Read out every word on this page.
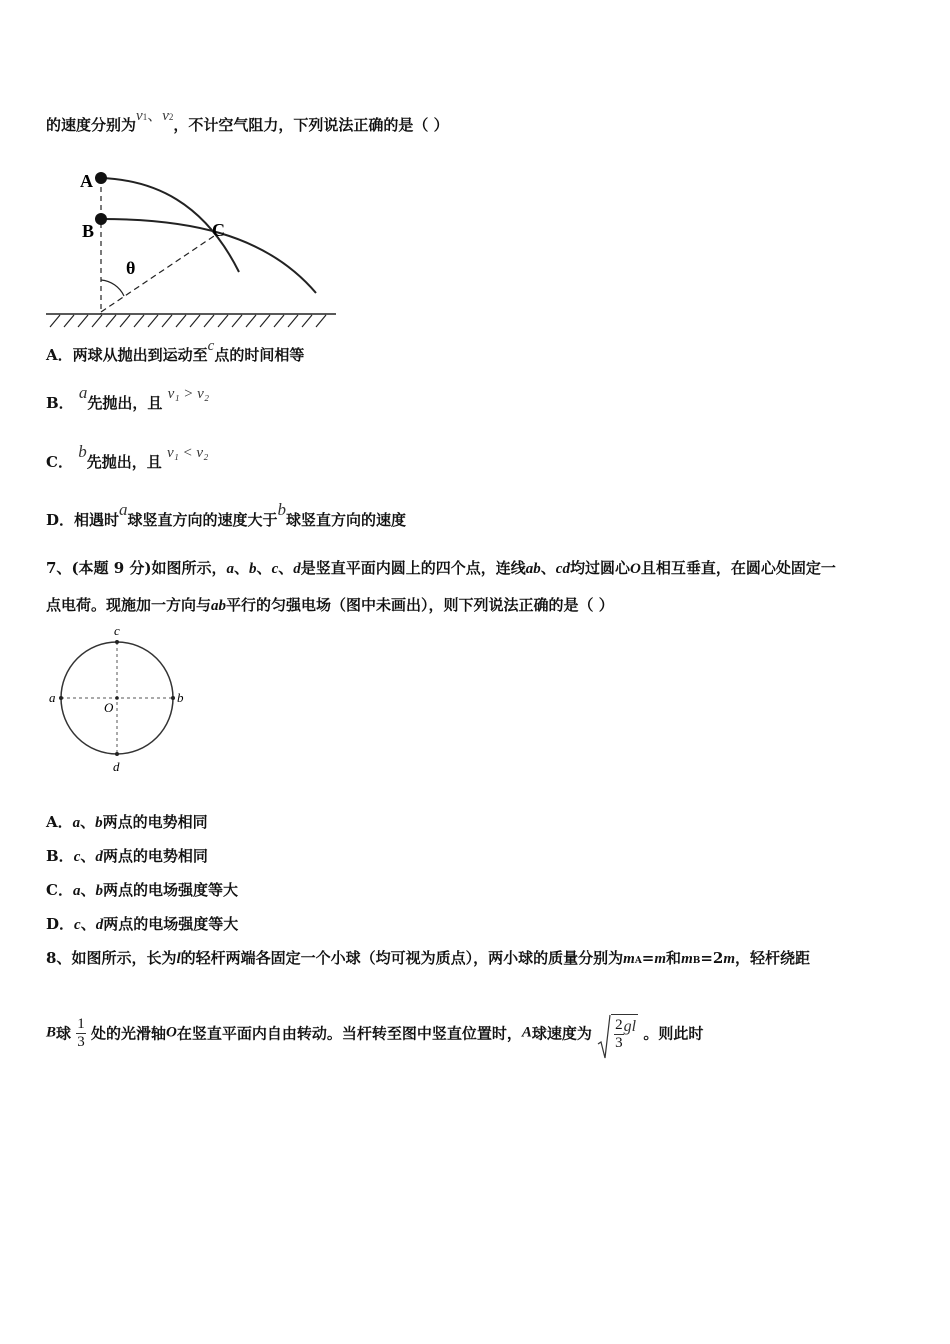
的速度分别为v1、v2，不计空气阻力，下列说法正确的是（ ）
A
B	C
θ
A．两球从抛出到运动至c点的时间相等
B． a先抛出，且 v₁ > v₂
C． b先抛出，且 v₁ < v₂
D．相遇时a球竖直方向的速度大于b球竖直方向的速度
7、(本题 9 分)如图所示，a、b、c、d是竖直平面内圆上的四个点，连线ab、cd均过圆心O且相互垂直，在圆心处固定一
点电荷。现施加一方向与ab平行的匀强电场（图中未画出），则下列说法正确的是（ ）
a	b
c
d
O
A．a、b两点的电势相同
B．c、d两点的电势相同
C．a、b两点的电场强度等大
D．c、d两点的电场强度等大
8、如图所示，长为l的轻杆两端各固定一个小球（均可视为质点），两小球的质量分别为mA=m和mB=2m，轻杆绕距
B球 $\frac{1}{3}$ 处的光滑轴O在竖直平面内自由转动。当杆转至图中竖直位置时，A球速度为 $\frac{2}{3}$ gl 。则此时
